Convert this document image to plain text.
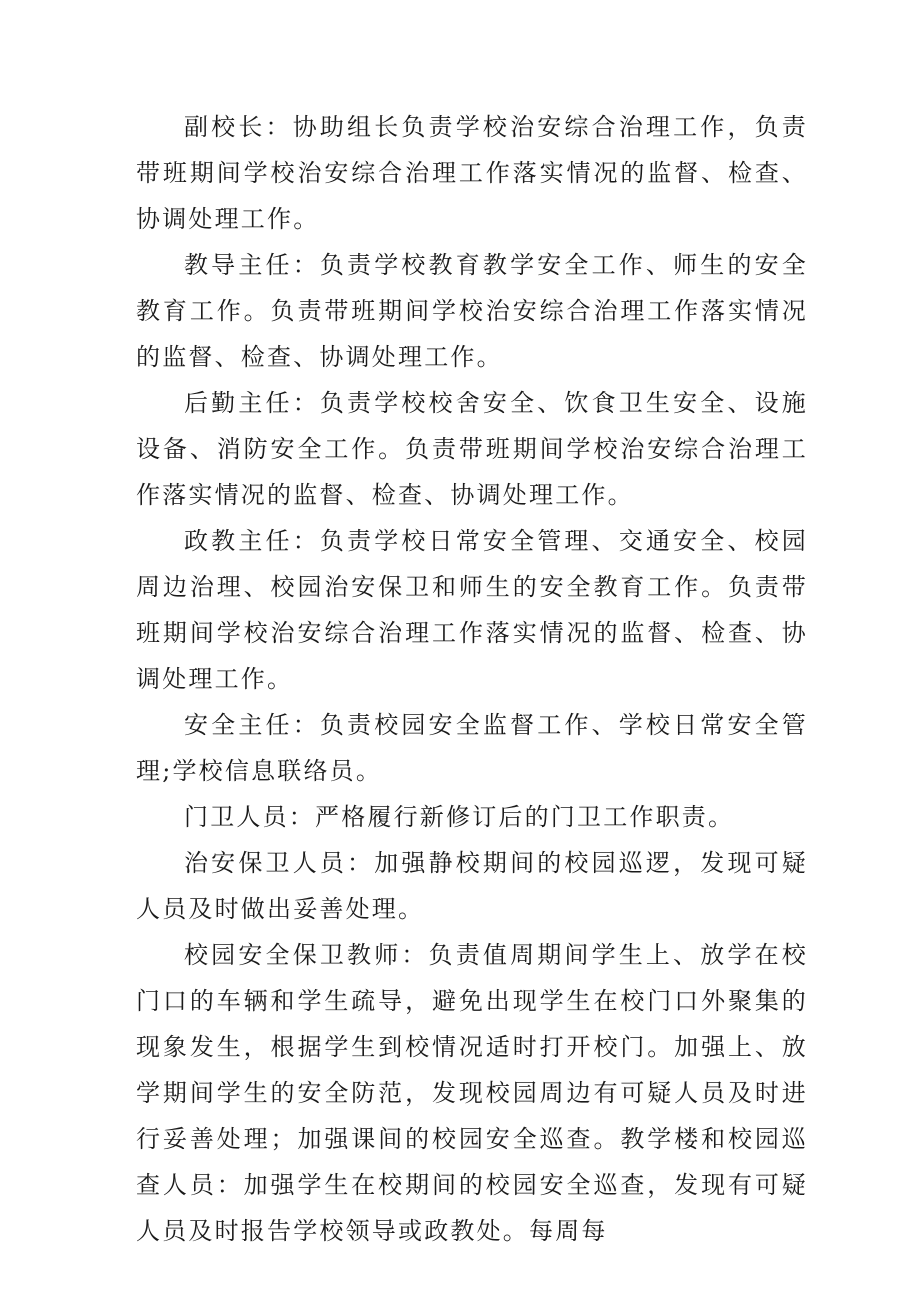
副校长：协助组长负责学校治安综合治理工作，负责带班期间学校治安综合治理工作落实情况的监督、检查、协调处理工作。

教导主任：负责学校教育教学安全工作、师生的安全教育工作。负责带班期间学校治安综合治理工作落实情况的监督、检查、协调处理工作。

后勤主任：负责学校校舍安全、饮食卫生安全、设施设备、消防安全工作。负责带班期间学校治安综合治理工作落实情况的监督、检查、协调处理工作。

政教主任：负责学校日常安全管理、交通安全、校园周边治理、校园治安保卫和师生的安全教育工作。负责带班期间学校治安综合治理工作落实情况的监督、检查、协调处理工作。

安全主任：负责校园安全监督工作、学校日常安全管理;学校信息联络员。

门卫人员：严格履行新修订后的门卫工作职责。

治安保卫人员：加强静校期间的校园巡逻，发现可疑人员及时做出妥善处理。

校园安全保卫教师：负责值周期间学生上、放学在校门口的车辆和学生疏导，避免出现学生在校门口外聚集的现象发生，根据学生到校情况适时打开校门。加强上、放学期间学生的安全防范，发现校园周边有可疑人员及时进行妥善处理；加强课间的校园安全巡查。教学楼和校园巡查人员：加强学生在校期间的校园安全巡查，发现有可疑人员及时报告学校领导或政教处。每周每
